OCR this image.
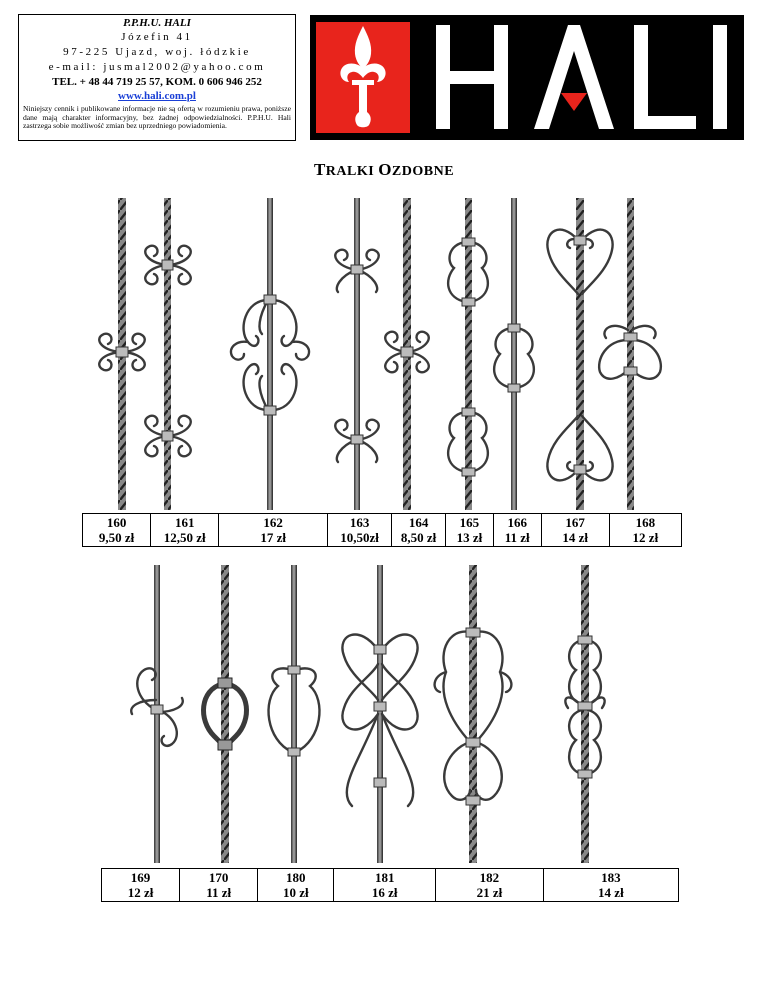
P.P.H.U. HALI
Józefin 41
97-225 Ujazd, woj. łódzkie
e-mail: jusmal2002@yahoo.com
TEL. + 48 44 719 25 57, KOM. 0 606 946 252
www.hali.com.pl
Niniejszy cennik i publikowane informacje nie są ofertą w rozumieniu prawa, poniższe dane mają charakter informacyjny, bez żadnej odpowiedzialności. P.P.H.U. Hali zastrzega sobie możliwość zmian bez uprzedniego powiadomienia.
TRALKI OZDOBNE
160
9,50 zł

161
12,50 zł

162
17 zł

163
10,50zł

164
8,50 zł

165
13 zł

166
11 zł

167
14 zł

168
12 zł
169
12 zł

170
11 zł

180
10 zł

181
16 zł

182
21 zł

183
14 zł
